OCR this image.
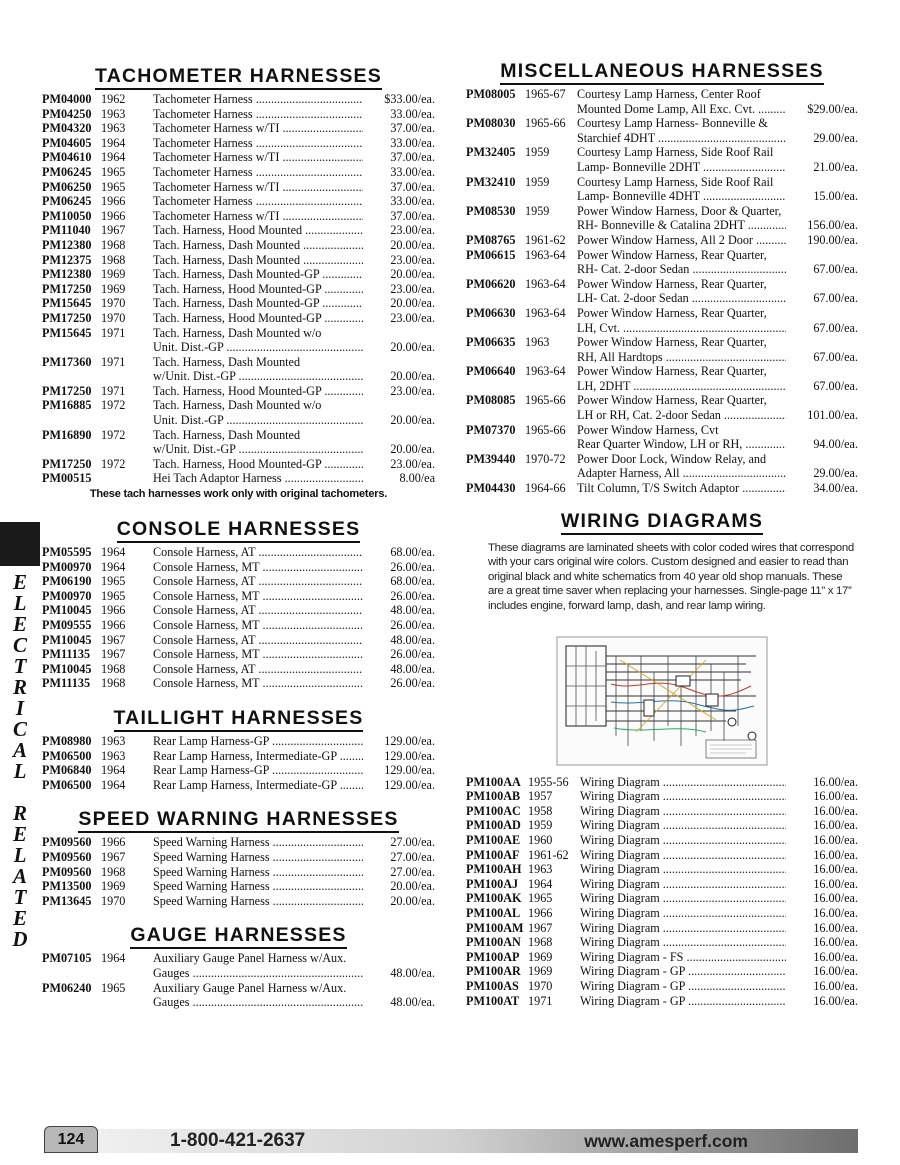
TACHOMETER HARNESSES
PM04000 1962	Tachometer Harness .....	$33.00/ea.
PM04250 1963	Tachometer Harness .....	33.00/ea.
PM04320 1963	Tachometer Harness w/TI .....	37.00/ea.
PM04605 1964	Tachometer Harness .....	33.00/ea.
PM04610 1964	Tachometer Harness w/TI .....	37.00/ea.
PM06245 1965	Tachometer Harness .....	33.00/ea.
PM06250 1965	Tachometer Harness w/TI .....	37.00/ea.
PM06245 1966	Tachometer Harness .....	33.00/ea.
PM10050 1966	Tachometer Harness w/TI .....	37.00/ea.
PM11040 1967	Tach. Harness, Hood Mounted .....	23.00/ea.
PM12380 1968	Tach. Harness, Dash Mounted .....	20.00/ea.
PM12375 1968	Tach. Harness, Dash Mounted .....	23.00/ea.
PM12380 1969	Tach. Harness, Dash Mounted-GP .....	20.00/ea.
PM17250 1969	Tach. Harness, Hood Mounted-GP .....	23.00/ea.
PM15645 1970	Tach. Harness, Dash Mounted-GP .....	20.00/ea.
PM17250 1970	Tach. Harness, Hood Mounted-GP .....	23.00/ea.
PM15645 1971	Tach. Harness, Dash Mounted w/o
Unit. Dist.-GP .....	20.00/ea.
PM17360 1971	Tach. Harness, Dash Mounted
w/Unit. Dist.-GP .....	20.00/ea.
PM17250 1971	Tach. Harness, Hood Mounted-GP .....	23.00/ea.
PM16885 1972	Tach. Harness, Dash Mounted w/o
Unit. Dist.-GP .....	20.00/ea.
PM16890 1972	Tach. Harness, Dash Mounted
w/Unit. Dist.-GP .....	20.00/ea.
PM17250 1972	Tach. Harness, Hood Mounted-GP .....	23.00/ea.
PM00515	Hei Tach Adaptor Harness .....	8.00/ea
These tach harnesses work only with original tachometers.
CONSOLE HARNESSES
PM05595 1964	Console Harness, AT .....	68.00/ea.
PM00970 1964	Console Harness, MT .....	26.00/ea.
PM06190 1965	Console Harness, AT .....	68.00/ea.
PM00970 1965	Console Harness, MT .....	26.00/ea.
PM10045 1966	Console Harness, AT .....	48.00/ea.
PM09555 1966	Console Harness, MT .....	26.00/ea.
PM10045 1967	Console Harness, AT .....	48.00/ea.
PM11135 1967	Console Harness, MT .....	26.00/ea.
PM10045 1968	Console Harness, AT .....	48.00/ea.
PM11135 1968	Console Harness, MT .....	26.00/ea.
TAILLIGHT HARNESSES
PM08980 1963	Rear Lamp Harness-GP .....	129.00/ea.
PM06500 1963	Rear Lamp Harness, Intermediate-GP .....	129.00/ea.
PM06840 1964	Rear Lamp Harness-GP .....	129.00/ea.
PM06500 1964	Rear Lamp Harness, Intermediate-GP .....	129.00/ea.
SPEED WARNING HARNESSES
PM09560 1966	Speed Warning Harness .....	27.00/ea.
PM09560 1967	Speed Warning Harness .....	27.00/ea.
PM09560 1968	Speed Warning Harness .....	27.00/ea.
PM13500 1969	Speed Warning Harness .....	20.00/ea.
PM13645 1970	Speed Warning Harness .....	20.00/ea.
GAUGE HARNESSES
PM07105 1964	Auxiliary Gauge Panel Harness w/Aux.
Gauges .....	48.00/ea.
PM06240 1965	Auxiliary Gauge Panel Harness w/Aux.
Gauges .....	48.00/ea.
MISCELLANEOUS HARNESSES
PM08005 1965-67 Courtesy Lamp Harness, Center Roof
Mounted Dome Lamp, All Exc. Cvt. .....	$29.00/ea.
PM08030 1965-66 Courtesy Lamp Harness- Bonneville &
Starchief 4DHT .....	29.00/ea.
PM32405 1959	Courtesy Lamp Harness, Side Roof Rail
Lamp- Bonneville 2DHT .....	21.00/ea.
PM32410 1959	Courtesy Lamp Harness, Side Roof Rail
Lamp- Bonneville 4DHT .....	15.00/ea.
PM08530 1959	Power Window Harness, Door & Quarter,
RH- Bonneville & Catalina 2DHT .....	156.00/ea.
PM08765 1961-62 Power Window Harness, All 2 Door .....	190.00/ea.
PM06615 1963-64 Power Window Harness, Rear Quarter,
RH- Cat. 2-door Sedan .....	67.00/ea.
PM06620 1963-64 Power Window Harness, Rear Quarter,
LH- Cat. 2-door Sedan .....	67.00/ea.
PM06630 1963-64 Power Window Harness, Rear Quarter,
LH, Cvt. .....	67.00/ea.
PM06635 1963	Power Window Harness, Rear Quarter,
RH, All Hardtops .....	67.00/ea.
PM06640 1963-64 Power Window Harness, Rear Quarter,
LH, 2DHT .....	67.00/ea.
PM08085 1965-66 Power Window Harness, Rear Quarter,
LH or RH, Cat. 2-door Sedan .....	101.00/ea.
PM07370 1965-66 Power Window Harness, Cvt
Rear Quarter Window, LH or RH, .....	94.00/ea.
PM39440 1970-72 Power Door Lock, Window Relay, and
Adapter Harness, All .....	29.00/ea.
PM04430 1964-66 Tilt Column, T/S Switch Adaptor .....	34.00/ea.
WIRING DIAGRAMS
These diagrams are laminated sheets with color coded wires that correspond with your cars original wire colors. Custom designed and easier to read than original black and white schematics from 40 year old shop manuals. These are a great time saver when replacing your harnesses. Single-page 11” x 17” includes engine, forward lamp, dash, and rear lamp wiring.
PM100AA 1955-56 Wiring Diagram .....	16.00/ea.
PM100AB 1957	Wiring Diagram .....	16.00/ea.
PM100AC 1958	Wiring Diagram .....	16.00/ea.
PM100AD 1959	Wiring Diagram .....	16.00/ea.
PM100AE 1960	Wiring Diagram .....	16.00/ea.
PM100AF 1961-62 Wiring Diagram .....	16.00/ea.
PM100AH 1963	Wiring Diagram .....	16.00/ea.
PM100AJ 1964	Wiring Diagram .....	16.00/ea.
PM100AK 1965	Wiring Diagram .....	16.00/ea.
PM100AL 1966	Wiring Diagram .....	16.00/ea.
PM100AM 1967	Wiring Diagram .....	16.00/ea.
PM100AN 1968	Wiring Diagram .....	16.00/ea.
PM100AP 1969	Wiring Diagram - FS .....	16.00/ea.
PM100AR 1969	Wiring Diagram - GP .....	16.00/ea.
PM100AS 1970	Wiring Diagram - GP .....	16.00/ea.
PM100AT 1971	Wiring Diagram - GP .....	16.00/ea.
E
L
E
C
T
R
I
C
A
L
R
E
L
A
T
E
D
124	1-800-421-2637	www.amesperf.com
